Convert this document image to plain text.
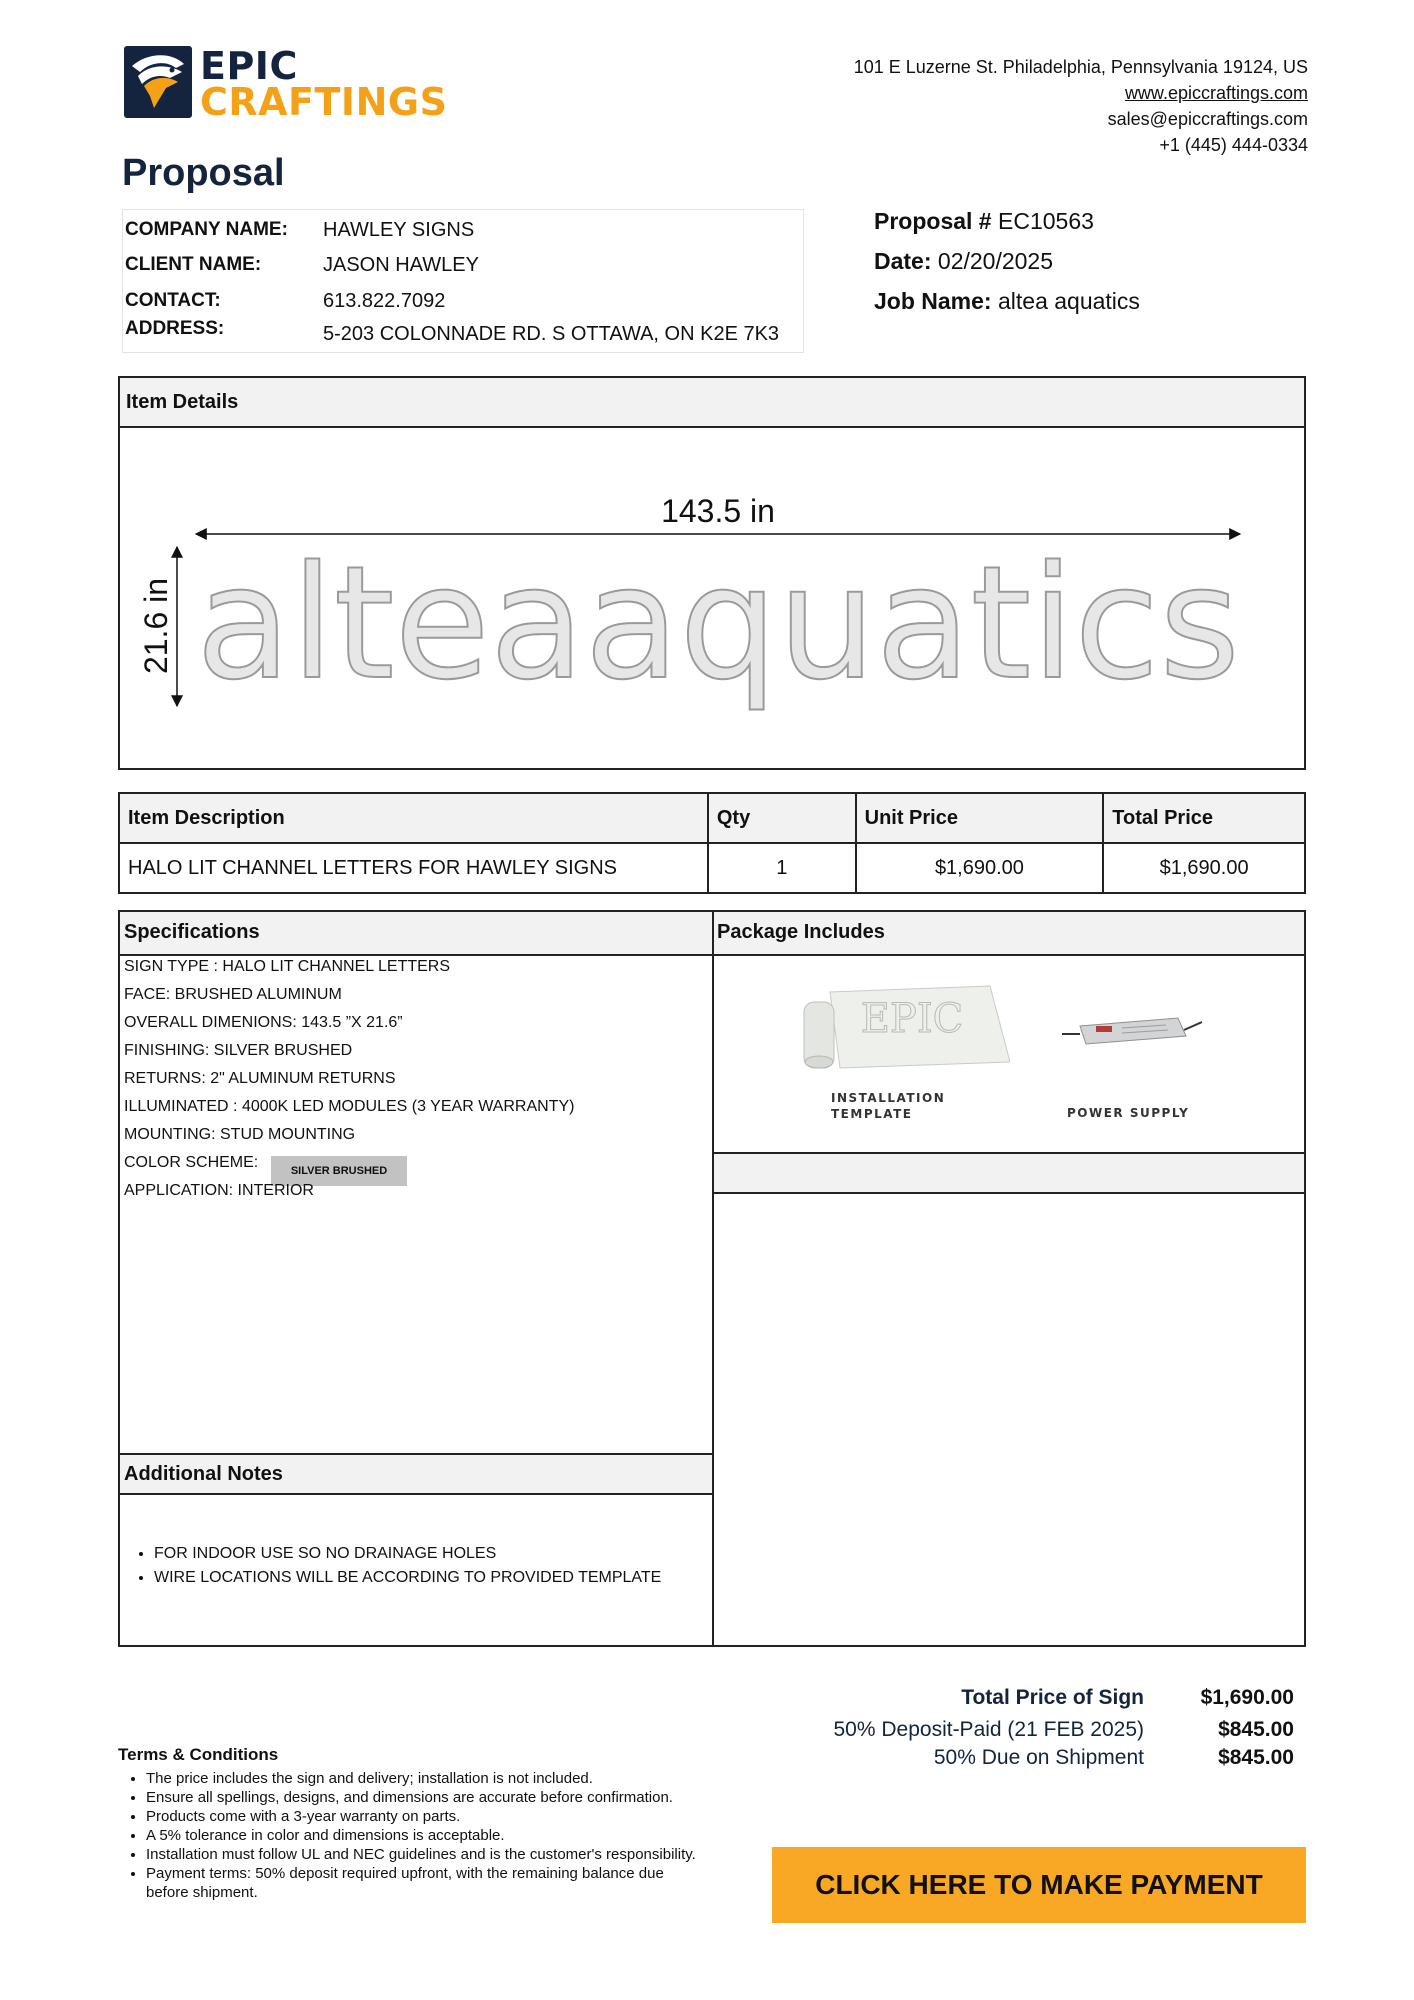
EPIC
CRAFTINGS
101 E Luzerne St. Philadelphia, Pennsylvania 19124, US
www.epiccraftings.com
sales@epiccraftings.com
+1 (445) 444-0334
Proposal
COMPANY NAME: HAWLEY SIGNS
CLIENT NAME:	JASON HAWLEY
CONTACT:	613.822.7092
ADDRESS:	5-203 COLONNADE RD. S OTTAWA, ON K2E 7K3
Proposal # EC10563
Date: 02/20/2025
Job Name: altea aquatics
Item Details
143.5 in
21.6 in alteaaquatics
Item Description	Qty	Unit Price	Total Price
HALO LIT CHANNEL LETTERS FOR HAWLEY SIGNS	1	$1,690.00	$1,690.00
Specifications	Package Includes
SIGN TYPE : HALO LIT CHANNEL LETTERS
FACE: BRUSHED ALUMINUM
OVERALL DIMENIONS: 143.5 ”X 21.6”
FINISHING: SILVER BRUSHED
RETURNS: 2" ALUMINUM RETURNS
ILLUMINATED : 4000K LED MODULES (3 YEAR WARRANTY)
MOUNTING: STUD MOUNTING
COLOR SCHEME:	SILVER BRUSHED
APPLICATION: INTERIOR
EPIC
INSTALLATION
TEMPLATE	POWER SUPPLY
Additional Notes
• FOR INDOOR USE SO NO DRAINAGE HOLES
• WIRE LOCATIONS WILL BE ACCORDING TO PROVIDED TEMPLATE
Total Price of Sign	$1,690.00
50% Deposit-Paid (21 FEB 2025)	$845.00
50% Due on Shipment	$845.00
Terms & Conditions
• The price includes the sign and delivery; installation is not included.
• Ensure all spellings, designs, and dimensions are accurate before confirmation.
• Products come with a 3-year warranty on parts.
• A 5% tolerance in color and dimensions is acceptable.
• Installation must follow UL and NEC guidelines and is the customer's responsibility.
• Payment terms: 50% deposit required upfront, with the remaining balance due before shipment.	CLICK HERE TO MAKE PAYMENT
